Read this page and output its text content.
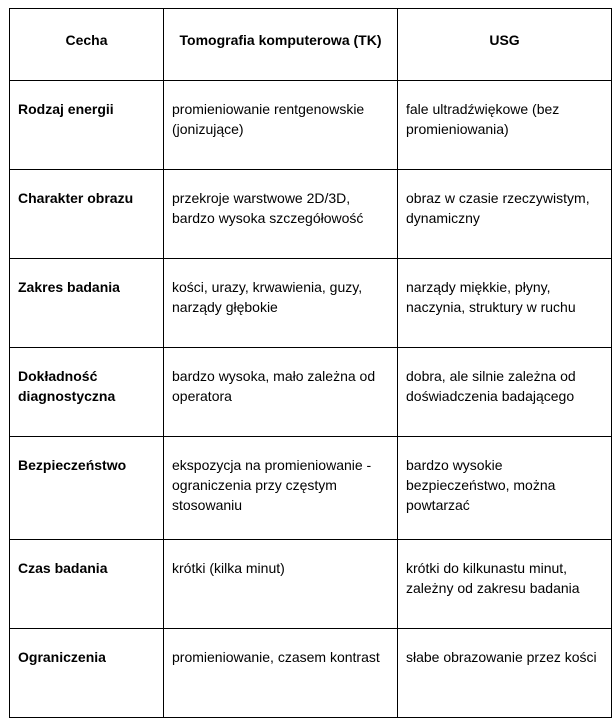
Cecha	Tomografia komputerowa (TK)	USG

Rodzaj energii	promieniowanie rentgenowskie (jonizujące)	fale ultradźwiękowe (bez promieniowania)

Charakter obrazu	przekroje warstwowe 2D/3D, bardzo wysoka szczegółowość	obraz w czasie rzeczywistym, dynamiczny

Zakres badania	kości, urazy, krwawienia, guzy, narządy głębokie	narządy miękkie, płyny, naczynia, struktury w ruchu

Dokładność diagnostyczna	bardzo wysoka, mało zależna od operatora	dobra, ale silnie zależna od doświadczenia badającego

Bezpieczeństwo	ekspozycja na promieniowanie - ograniczenia przy częstym stosowaniu	bardzo wysokie bezpieczeństwo, można powtarzać

Czas badania	krótki (kilka minut)	krótki do kilkunastu minut, zależny od zakresu badania

Ograniczenia	promieniowanie, czasem kontrast	słabe obrazowanie przez kości
